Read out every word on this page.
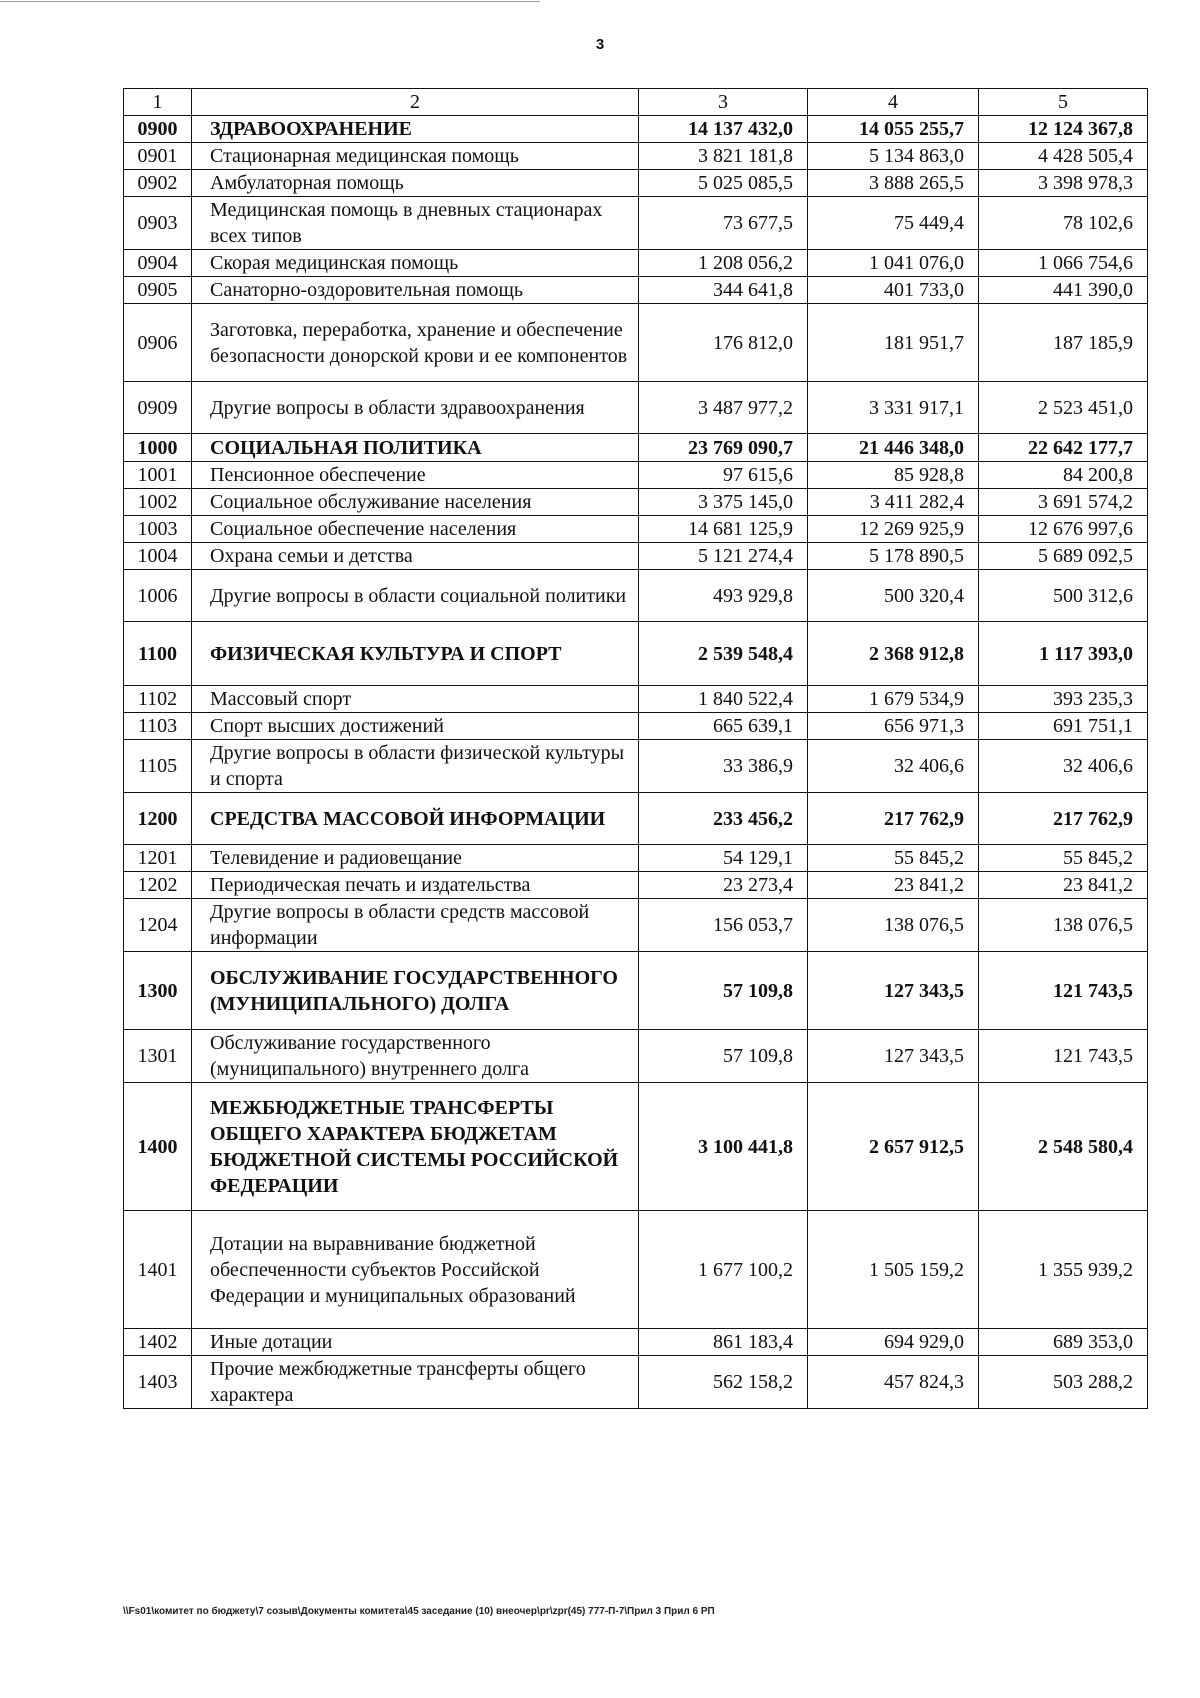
3
1	2	3	4	5
0900	ЗДРАВООХРАНЕНИЕ	14 137 432,0	14 055 255,7	12 124 367,8
0901	Стационарная медицинская помощь	3 821 181,8	5 134 863,0	4 428 505,4
0902	Амбулаторная помощь	5 025 085,5	3 888 265,5	3 398 978,3
0903	Медицинская помощь в дневных стационарах всех типов	73 677,5	75 449,4	78 102,6
0904	Скорая медицинская помощь	1 208 056,2	1 041 076,0	1 066 754,6
0905	Санаторно-оздоровительная помощь	344 641,8	401 733,0	441 390,0
0906	Заготовка, переработка, хранение и обеспечение безопасности донорской крови и ее компонентов	176 812,0	181 951,7	187 185,9
0909	Другие вопросы в области здравоохранения	3 487 977,2	3 331 917,1	2 523 451,0
1000	СОЦИАЛЬНАЯ ПОЛИТИКА	23 769 090,7	21 446 348,0	22 642 177,7
1001	Пенсионное обеспечение	97 615,6	85 928,8	84 200,8
1002	Социальное обслуживание населения	3 375 145,0	3 411 282,4	3 691 574,2
1003	Социальное обеспечение населения	14 681 125,9	12 269 925,9	12 676 997,6
1004	Охрана семьи и детства	5 121 274,4	5 178 890,5	5 689 092,5
1006	Другие вопросы в области социальной политики	493 929,8	500 320,4	500 312,6
1100	ФИЗИЧЕСКАЯ КУЛЬТУРА И СПОРТ	2 539 548,4	2 368 912,8	1 117 393,0
1102	Массовый спорт	1 840 522,4	1 679 534,9	393 235,3
1103	Спорт высших достижений	665 639,1	656 971,3	691 751,1
1105	Другие вопросы в области физической культуры и спорта	33 386,9	32 406,6	32 406,6
1200	СРЕДСТВА МАССОВОЙ ИНФОРМАЦИИ	233 456,2	217 762,9	217 762,9
1201	Телевидение и радиовещание	54 129,1	55 845,2	55 845,2
1202	Периодическая печать и издательства	23 273,4	23 841,2	23 841,2
1204	Другие вопросы в области средств массовой информации	156 053,7	138 076,5	138 076,5
1300	ОБСЛУЖИВАНИЕ ГОСУДАРСТВЕННОГО (МУНИЦИПАЛЬНОГО) ДОЛГА	57 109,8	127 343,5	121 743,5
1301	Обслуживание государственного (муниципального) внутреннего долга	57 109,8	127 343,5	121 743,5
1400	МЕЖБЮДЖЕТНЫЕ ТРАНСФЕРТЫ ОБЩЕГО ХАРАКТЕРА БЮДЖЕТАМ БЮДЖЕТНОЙ СИСТЕМЫ РОССИЙСКОЙ ФЕДЕРАЦИИ	3 100 441,8	2 657 912,5	2 548 580,4
1401	Дотации на выравнивание бюджетной обеспеченности субъектов Российской Федерации и муниципальных образований	1 677 100,2	1 505 159,2	1 355 939,2
1402	Иные дотации	861 183,4	694 929,0	689 353,0
1403	Прочие межбюджетные трансферты общего характера	562 158,2	457 824,3	503 288,2
\\Fs01\комитет по бюджету\7 созыв\Документы комитета\45 заседание (10) внеочер\pr\zpr(45) 777-П-7\Прил 3 Прил 6 РП
